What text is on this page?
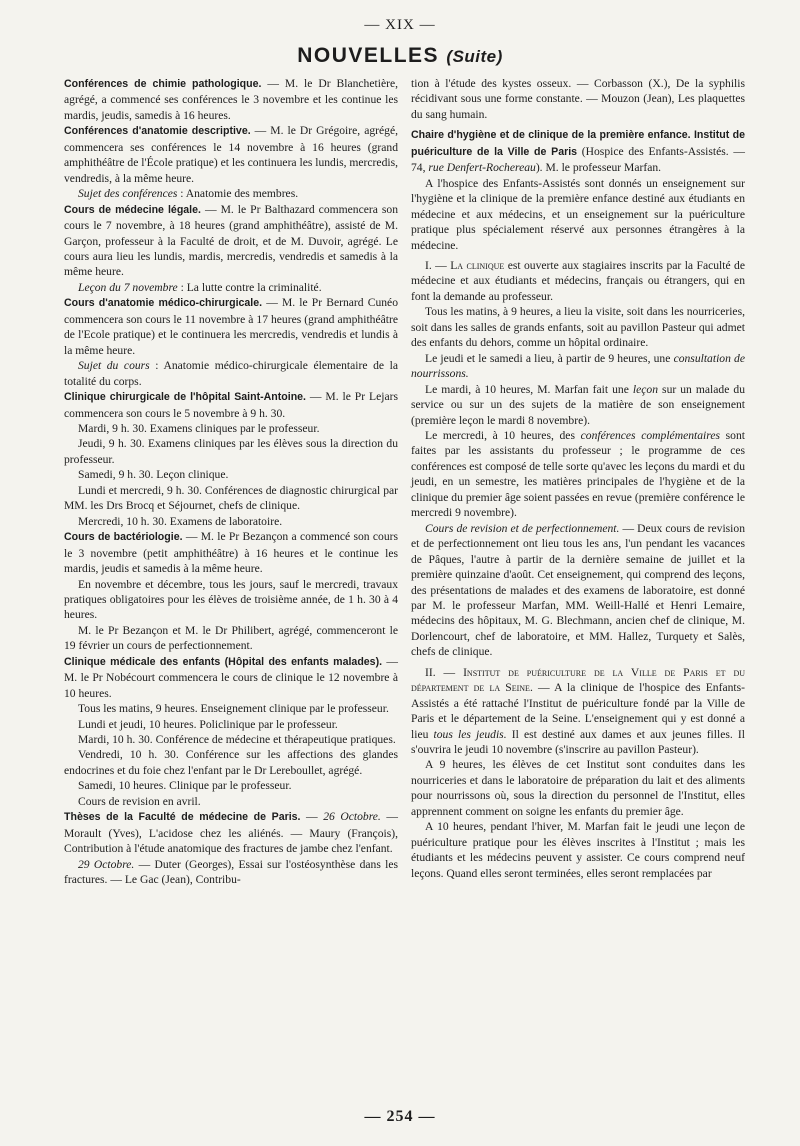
— XIX —
NOUVELLES (Suite)

Conférences de chimie pathologique. — M. le Dr Blanchetière, agrégé, a commencé ses conférences le 3 novembre et les continue les mardis, jeudis, samedis à 16 heures.

Conférences d'anatomie descriptive. — M. le Dr Grégoire, agrégé, commencera ses conférences le 14 novembre à 16 heures (grand amphithéâtre de l'École pratique) et les continuera les lundis, mercredis, vendredis, à la même heure.

Sujet des conférences : Anatomie des membres.

Cours de médecine légale. — M. le Pr Balthazard commencera son cours le 7 novembre, à 18 heures (grand amphithéâtre), assisté de M. Garçon, professeur à la Faculté de droit, et de M. Duvoir, agrégé. Le cours aura lieu les lundis, mardis, mercredis, vendredis et samedis à la même heure.

Leçon du 7 novembre : La lutte contre la criminalité.

Cours d'anatomie médico-chirurgicale. — M. le Pr Bernard Cunéo commencera son cours le 11 novembre à 17 heures (grand amphithéâtre de l'Ecole pratique) et le continuera les mercredis, vendredis et lundis à la même heure.

Sujet du cours : Anatomie médico-chirurgicale élementaire de la totalité du corps.

Clinique chirurgicale de l'hôpital Saint-Antoine. — M. le Pr Lejars commencera son cours le 5 novembre à 9 h. 30.

Mardi, 9 h. 30. Examens cliniques par le professeur.

Jeudi, 9 h. 30. Examens cliniques par les élèves sous la direction du professeur.

Samedi, 9 h. 30. Leçon clinique.

Lundi et mercredi, 9 h. 30. Conférences de diagnostic chirurgical par MM. les Drs Brocq et Séjournet, chefs de clinique.

Mercredi, 10 h. 30. Examens de laboratoire.

Cours de bactériologie. — M. le Pr Bezançon a commencé son cours le 3 novembre (petit amphithéâtre) à 16 heures et le continue les mardis, jeudis et samedis à la même heure.

En novembre et décembre, tous les jours, sauf le mercredi, travaux pratiques obligatoires pour les élèves de troisième année, de 1 h. 30 à 4 heures.

M. le Pr Bezançon et M. le Dr Philibert, agrégé, commenceront le 19 février un cours de perfectionnement.

Clinique médicale des enfants (Hôpital des enfants malades). — M. le Pr Nobécourt commencera le cours de clinique le 12 novembre à 10 heures.

Tous les matins, 9 heures. Enseignement clinique par le professeur.

Lundi et jeudi, 10 heures. Policlinique par le professeur.

Mardi, 10 h. 30. Conférence de médecine et thérapeutique pratiques.

Vendredi, 10 h. 30. Conférence sur les affections des glandes endocrines et du foie chez l'enfant par le Dr Lereboullet, agrégé.

Samedi, 10 heures. Clinique par le professeur.

Cours de revision en avril.

Thèses de la Faculté de médecine de Paris. — 26 Octobre. — Morault (Yves), L'acidose chez les aliénés. — Maury (François), Contribution à l'étude anatomique des fractures de jambe chez l'enfant.

29 Octobre. — Duter (Georges), Essai sur l'ostéosynthèse dans les fractures. — Le Gac (Jean), Contribu-

tion à l'étude des kystes osseux. — Corbasson (X.), De la syphilis récidivant sous une forme constante. — Mouzon (Jean), Les plaquettes du sang humain.

Chaire d'hygiène et de clinique de la première enfance. Institut de puériculture de la Ville de Paris (Hospice des Enfants-Assistés. — 74, rue Denfert-Rochereau). M. le professeur Marfan.

A l'hospice des Enfants-Assistés sont donnés un enseignement sur l'hygiène et la clinique de la première enfance destiné aux étudiants en médecine et aux médecins, et un enseignement sur la puériculture pratique plus spécialement réservé aux personnes étrangères à la médecine.

I. — La clinique est ouverte aux stagiaires inscrits par la Faculté de médecine et aux étudiants et médecins, français ou étrangers, qui en font la demande au professeur.

Tous les matins, à 9 heures, a lieu la visite, soit dans les nourriceries, soit dans les salles de grands enfants, soit au pavillon Pasteur qui admet des enfants du dehors, comme un hôpital ordinaire.

Le jeudi et le samedi a lieu, à partir de 9 heures, une consultation de nourrissons.

Le mardi, à 10 heures, M. Marfan fait une leçon sur un malade du service ou sur un des sujets de la matière de son enseignement (première leçon le mardi 8 novembre).

Le mercredi, à 10 heures, des conférences complémentaires sont faites par les assistants du professeur ; le programme de ces conférences est composé de telle sorte qu'avec les leçons du mardi et du jeudi, en un semestre, les matières principales de l'hygiène et de la clinique du premier âge soient passées en revue (première conférence le mercredi 9 novembre).

Cours de revision et de perfectionnement. — Deux cours de revision et de perfectionnement ont lieu tous les ans, l'un pendant les vacances de Pâques, l'autre à partir de la dernière semaine de juillet et la première quinzaine d'août. Cet enseignement, qui comprend des leçons, des présentations de malades et des examens de laboratoire, est donné par M. le professeur Marfan, MM. Weill-Hallé et Henri Lemaire, médecins des hôpitaux, M. G. Blechmann, ancien chef de clinique, M. Dorlencourt, chef de laboratoire, et MM. Hallez, Turquety et Salès, chefs de clinique.

II. — Institut de puériculture de la Ville de Paris et du département de la Seine. — A la clinique de l'hospice des Enfants-Assistés a été rattaché l'Institut de puériculture fondé par la Ville de Paris et le département de la Seine. L'enseignement qui y est donné a lieu tous les jeudis. Il est destiné aux dames et aux jeunes filles. Il s'ouvrira le jeudi 10 novembre (s'inscrire au pavillon Pasteur).

A 9 heures, les élèves de cet Institut sont conduites dans les nourriceries et dans le laboratoire de préparation du lait et des aliments pour nourrissons où, sous la direction du personnel de l'Institut, elles apprennent comment on soigne les enfants du premier âge.

A 10 heures, pendant l'hiver, M. Marfan fait le jeudi une leçon de puériculture pratique pour les élèves inscrites à l'Institut ; mais les étudiants et les médecins peuvent y assister. Ce cours comprend neuf leçons. Quand elles seront terminées, elles seront remplacées par

— 254 —
